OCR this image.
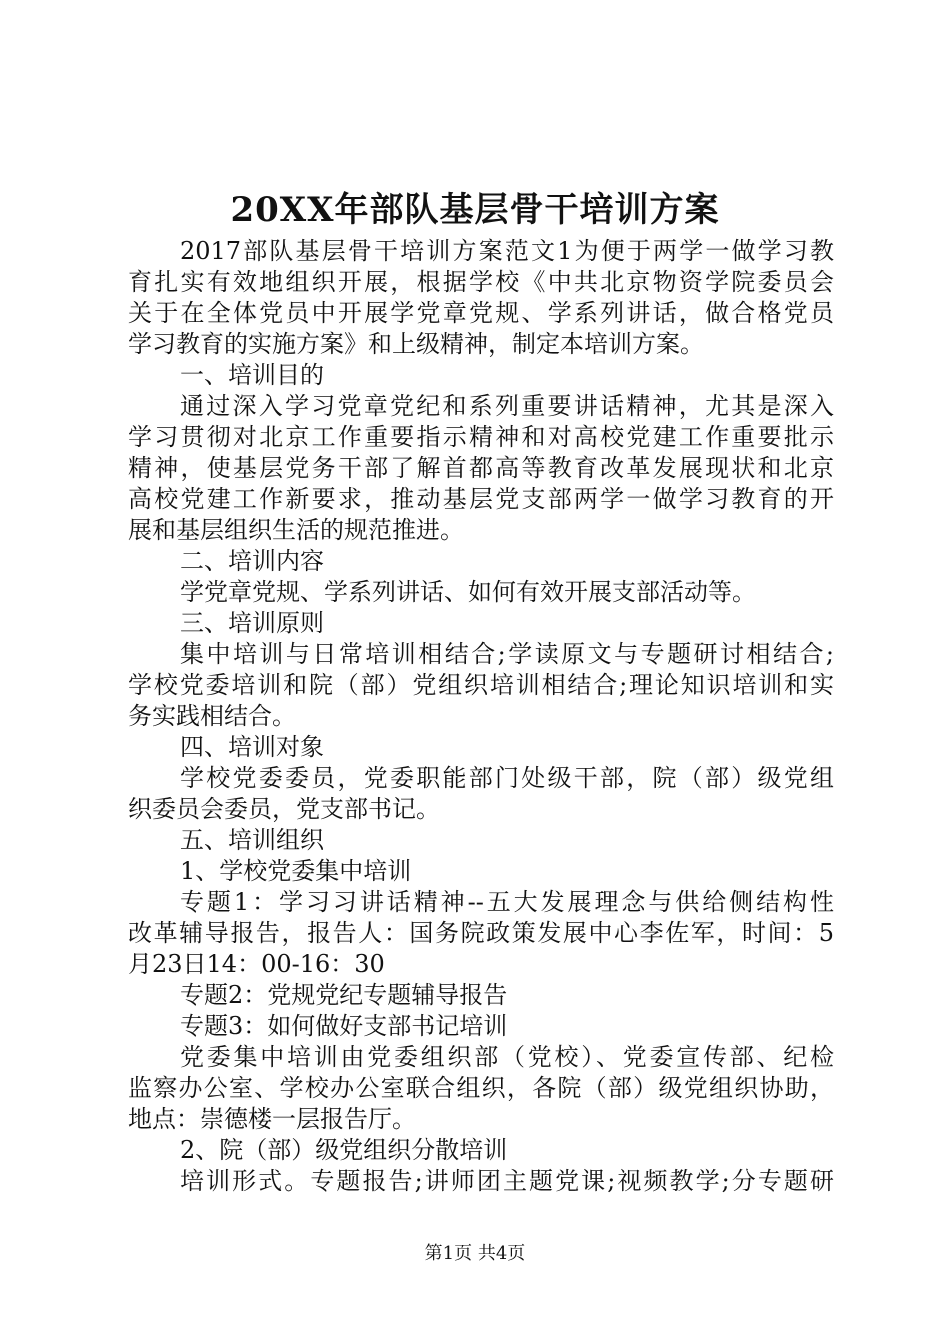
20XX年部队基层骨干培训方案
2017部队基层骨干培训方案范文1为便于两学一做学习教
育扎实有效地组织开展，根据学校《中共北京物资学院委员会
关于在全体党员中开展学党章党规、学系列讲话，做合格党员
学习教育的实施方案》和上级精神，制定本培训方案。
一、培训目的
通过深入学习党章党纪和系列重要讲话精神，尤其是深入
学习贯彻对北京工作重要指示精神和对高校党建工作重要批示
精神，使基层党务干部了解首都高等教育改革发展现状和北京
高校党建工作新要求，推动基层党支部两学一做学习教育的开
展和基层组织生活的规范推进。
二、培训内容
学党章党规、学系列讲话、如何有效开展支部活动等。
三、培训原则
集中培训与日常培训相结合;学读原文与专题研讨相结合;
学校党委培训和院（部）党组织培训相结合;理论知识培训和实
务实践相结合。
四、培训对象
学校党委委员，党委职能部门处级干部，院（部）级党组
织委员会委员，党支部书记。
五、培训组织
1、学校党委集中培训
专题1：学习习讲话精神--五大发展理念与供给侧结构性
改革辅导报告，报告人：国务院政策发展中心李佐军，时间：5
月23日14：00-16：30
专题2：党规党纪专题辅导报告
专题3：如何做好支部书记培训
党委集中培训由党委组织部（党校）、党委宣传部、纪检
监察办公室、学校办公室联合组织，各院（部）级党组织协助，
地点：崇德楼一层报告厅。
2、院（部）级党组织分散培训
培训形式。专题报告;讲师团主题党课;视频教学;分专题研
第1页 共4页
